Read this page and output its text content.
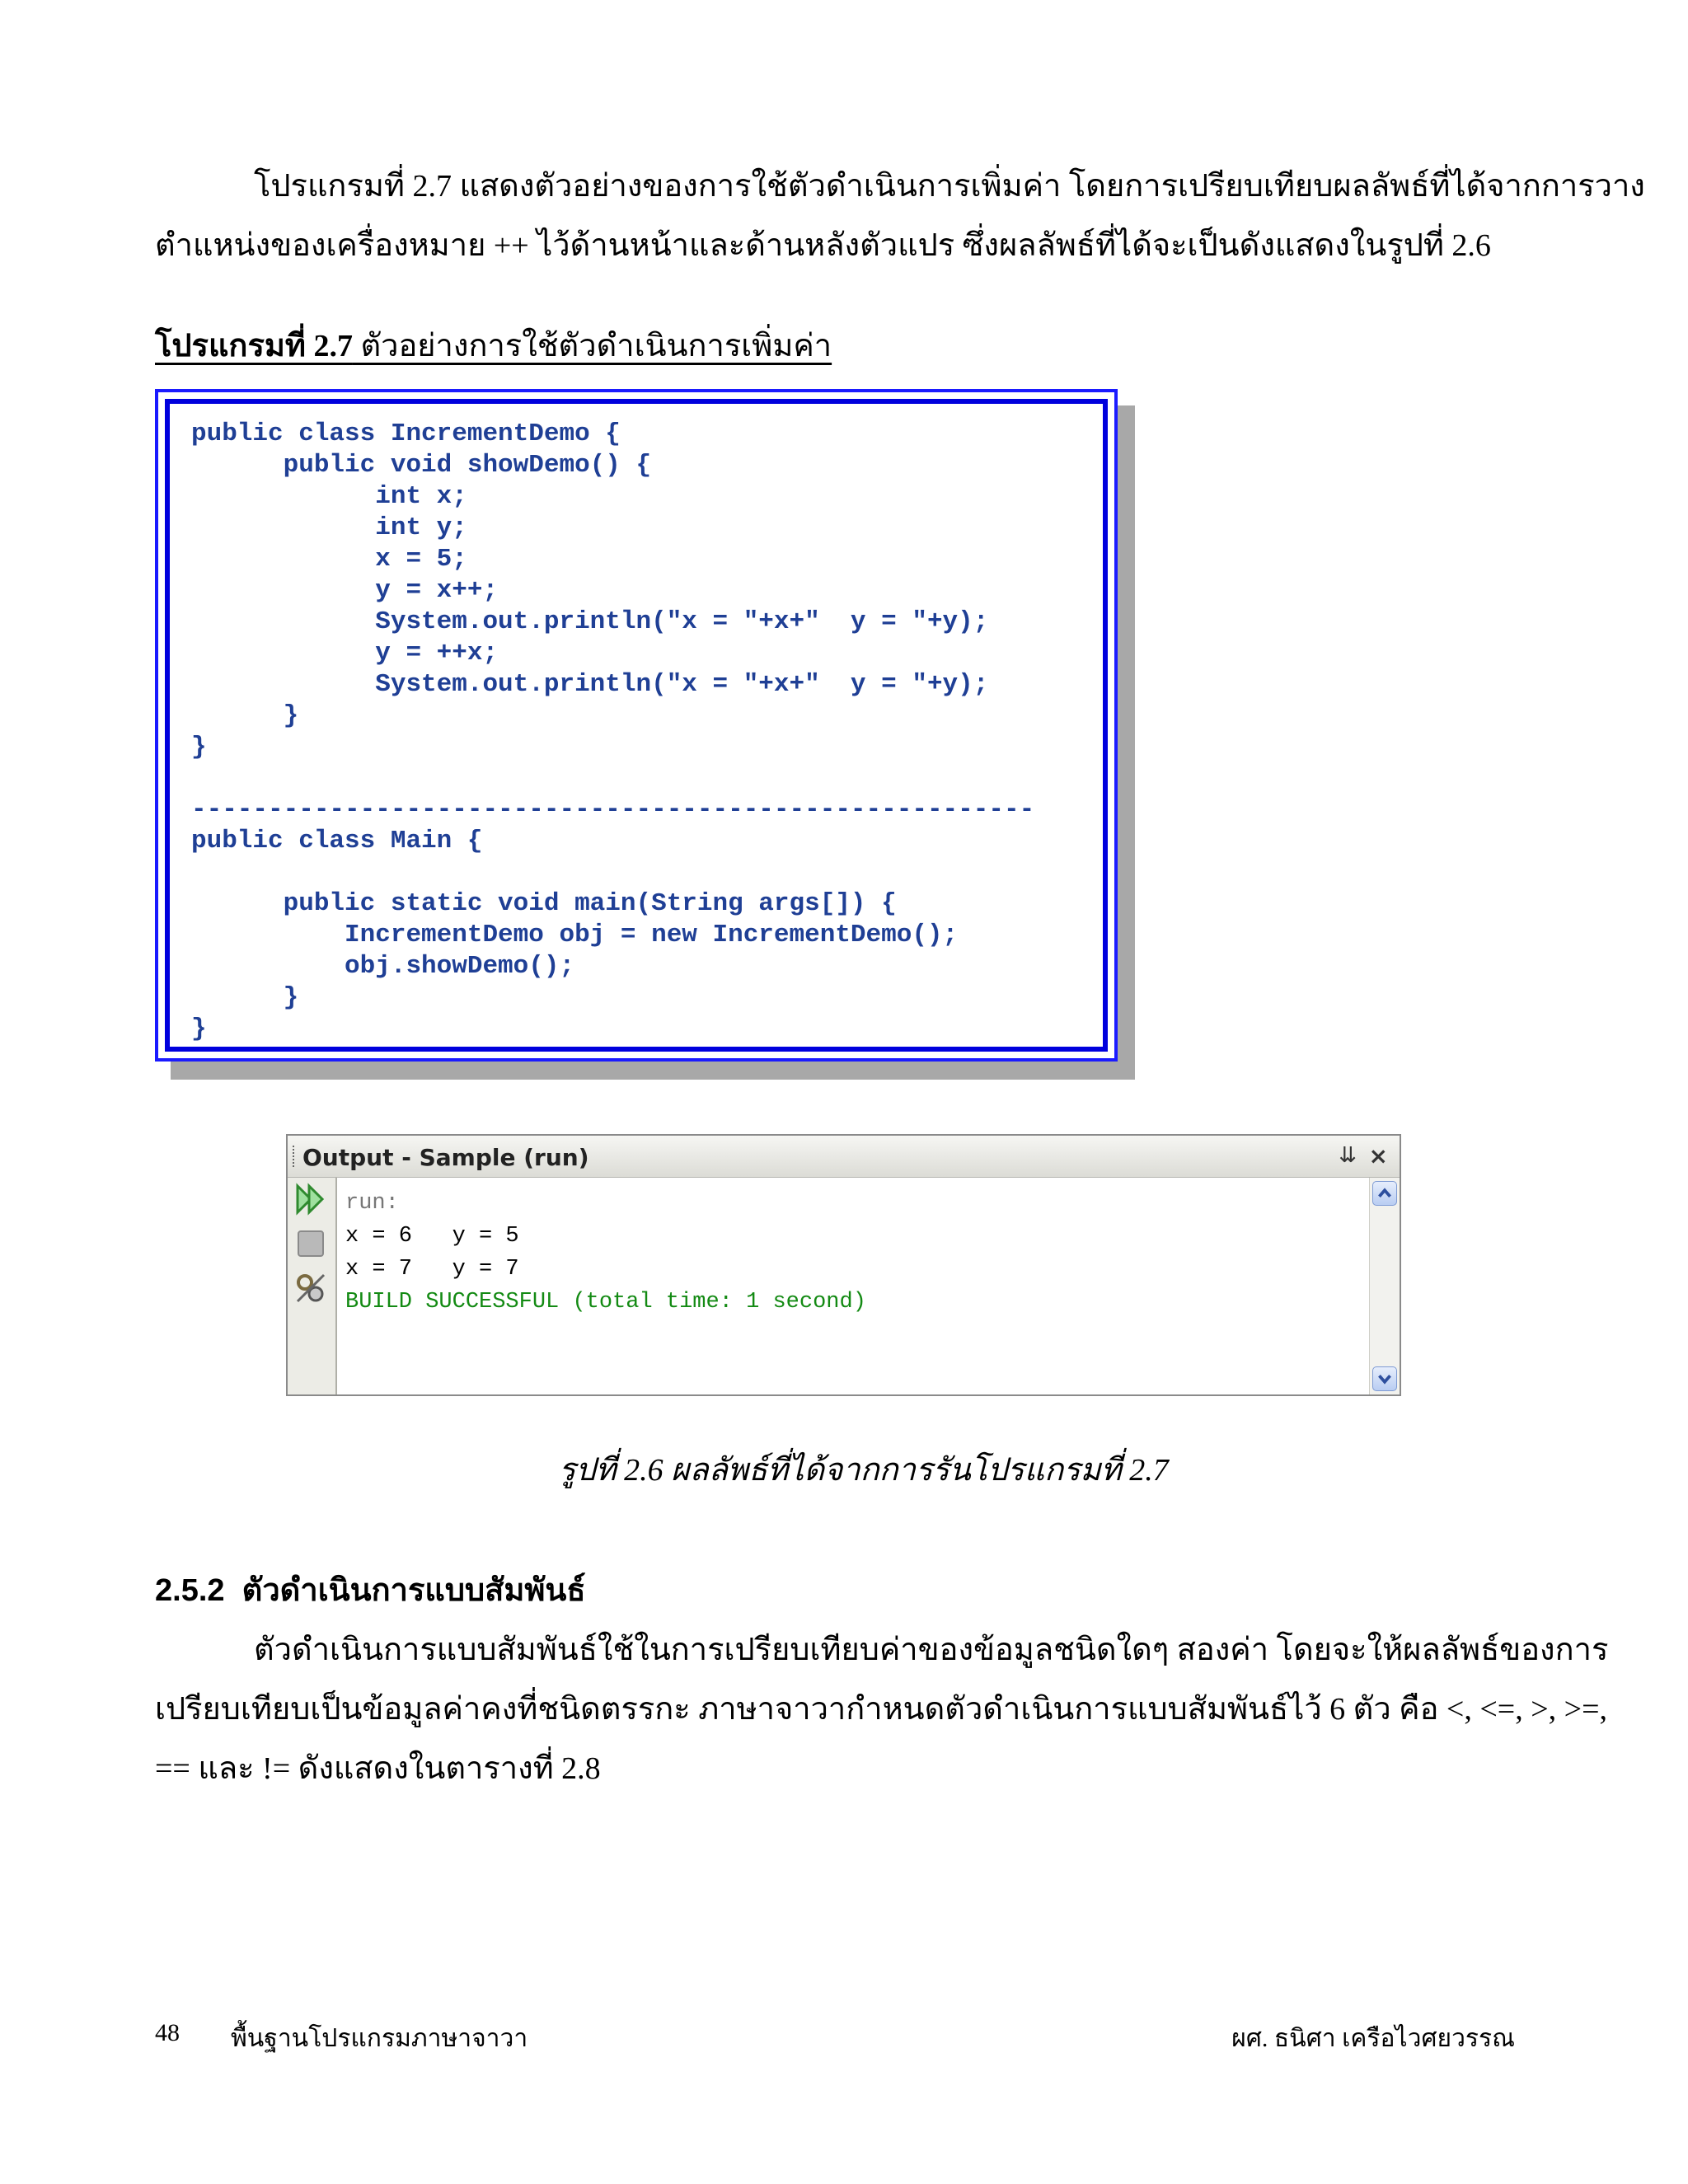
โปรแกรมที่ 2.7 แสดงตัวอย่างของการใช้ตัวดำเนินการเพิ่มค่า โดยการเปรียบเทียบผลลัพธ์ที่ได้จากการวาง

ตำแหน่งของเครื่องหมาย ++ ไว้ด้านหน้าและด้านหลังตัวแปร ซึ่งผลลัพธ์ที่ได้จะเป็นดังแสดงในรูปที่ 2.6

โปรแกรมที่ 2.7 ตัวอย่างการใช้ตัวดำเนินการเพิ่มค่า
public class IncrementDemo {
public void showDemo() {
int x;
int y;
x = 5;
y = x++;
System.out.println("x = "+x+"  y = "+y);
y = ++x;
System.out.println("x = "+x+"  y = "+y);
}
}

-------------------------------------------------------
public class Main {

public static void main(String args[]) {
IncrementDemo obj = new IncrementDemo();
obj.showDemo();
}
}
Output - Sample (run)	⇊ ×
run:
x = 6   y = 5
x = 7   y = 7
BUILD SUCCESSFUL (total time: 1 second)
รูปที่ 2.6 ผลลัพธ์ที่ได้จากการรันโปรแกรมที่ 2.7
2.5.2 ตัวดำเนินการแบบสัมพันธ์

ตัวดำเนินการแบบสัมพันธ์ใช้ในการเปรียบเทียบค่าของข้อมูลชนิดใดๆ สองค่า โดยจะให้ผลลัพธ์ของการ

เปรียบเทียบเป็นข้อมูลค่าคงที่ชนิดตรรกะ ภาษาจาวากำหนดตัวดำเนินการแบบสัมพันธ์ไว้ 6 ตัว คือ <, <=, >, >=,

== และ != ดังแสดงในตารางที่ 2.8

48 พื้นฐานโปรแกรมภาษาจาวา	ผศ. ธนิศา เครือไวศยวรรณ
